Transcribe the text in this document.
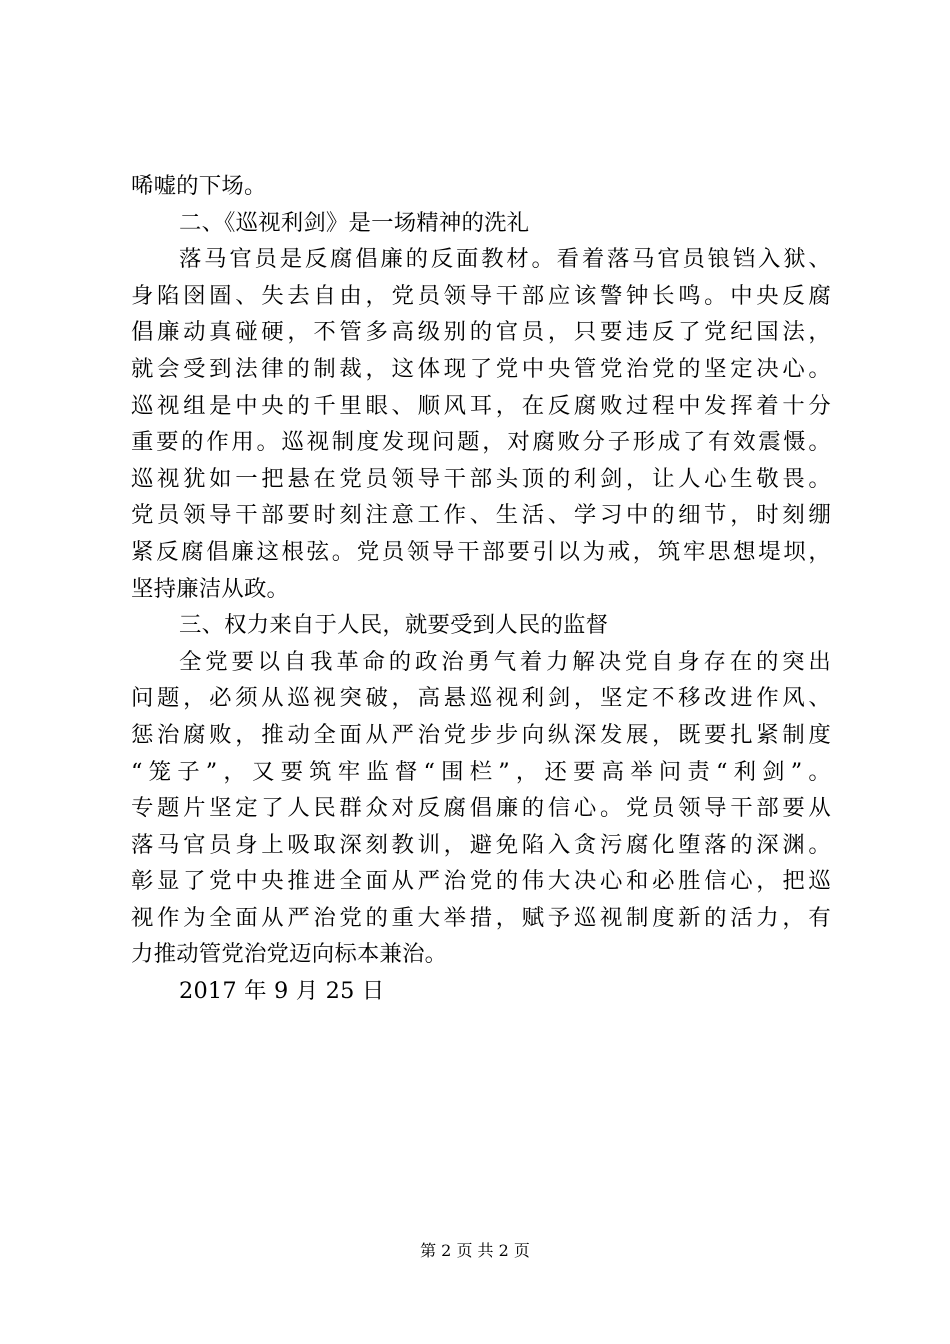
唏嘘的下场。
二、《巡视利剑》是一场精神的洗礼
落马官员是反腐倡廉的反面教材。看着落马官员锒铛入狱、
身陷囹圄、失去自由，党员领导干部应该警钟长鸣。中央反腐
倡廉动真碰硬，不管多高级别的官员，只要违反了党纪国法，
就会受到法律的制裁，这体现了党中央管党治党的坚定决心。
巡视组是中央的千里眼、顺风耳，在反腐败过程中发挥着十分
重要的作用。巡视制度发现问题，对腐败分子形成了有效震慑。
巡视犹如一把悬在党员领导干部头顶的利剑，让人心生敬畏。
党员领导干部要时刻注意工作、生活、学习中的细节，时刻绷
紧反腐倡廉这根弦。党员领导干部要引以为戒，筑牢思想堤坝，
坚持廉洁从政。
三、权力来自于人民，就要受到人民的监督
全党要以自我革命的政治勇气着力解决党自身存在的突出
问题，必须从巡视突破，高悬巡视利剑，坚定不移改进作风、
惩治腐败，推动全面从严治党步步向纵深发展，既要扎紧制度
“笼子”，又要筑牢监督“围栏”，还要高举问责“利剑”。
专题片坚定了人民群众对反腐倡廉的信心。党员领导干部要从
落马官员身上吸取深刻教训，避免陷入贪污腐化堕落的深渊。
彰显了党中央推进全面从严治党的伟大决心和必胜信心，把巡
视作为全面从严治党的重大举措，赋予巡视制度新的活力，有
力推动管党治党迈向标本兼治。
2017 年 9 月 25 日
第 2 页 共 2 页
